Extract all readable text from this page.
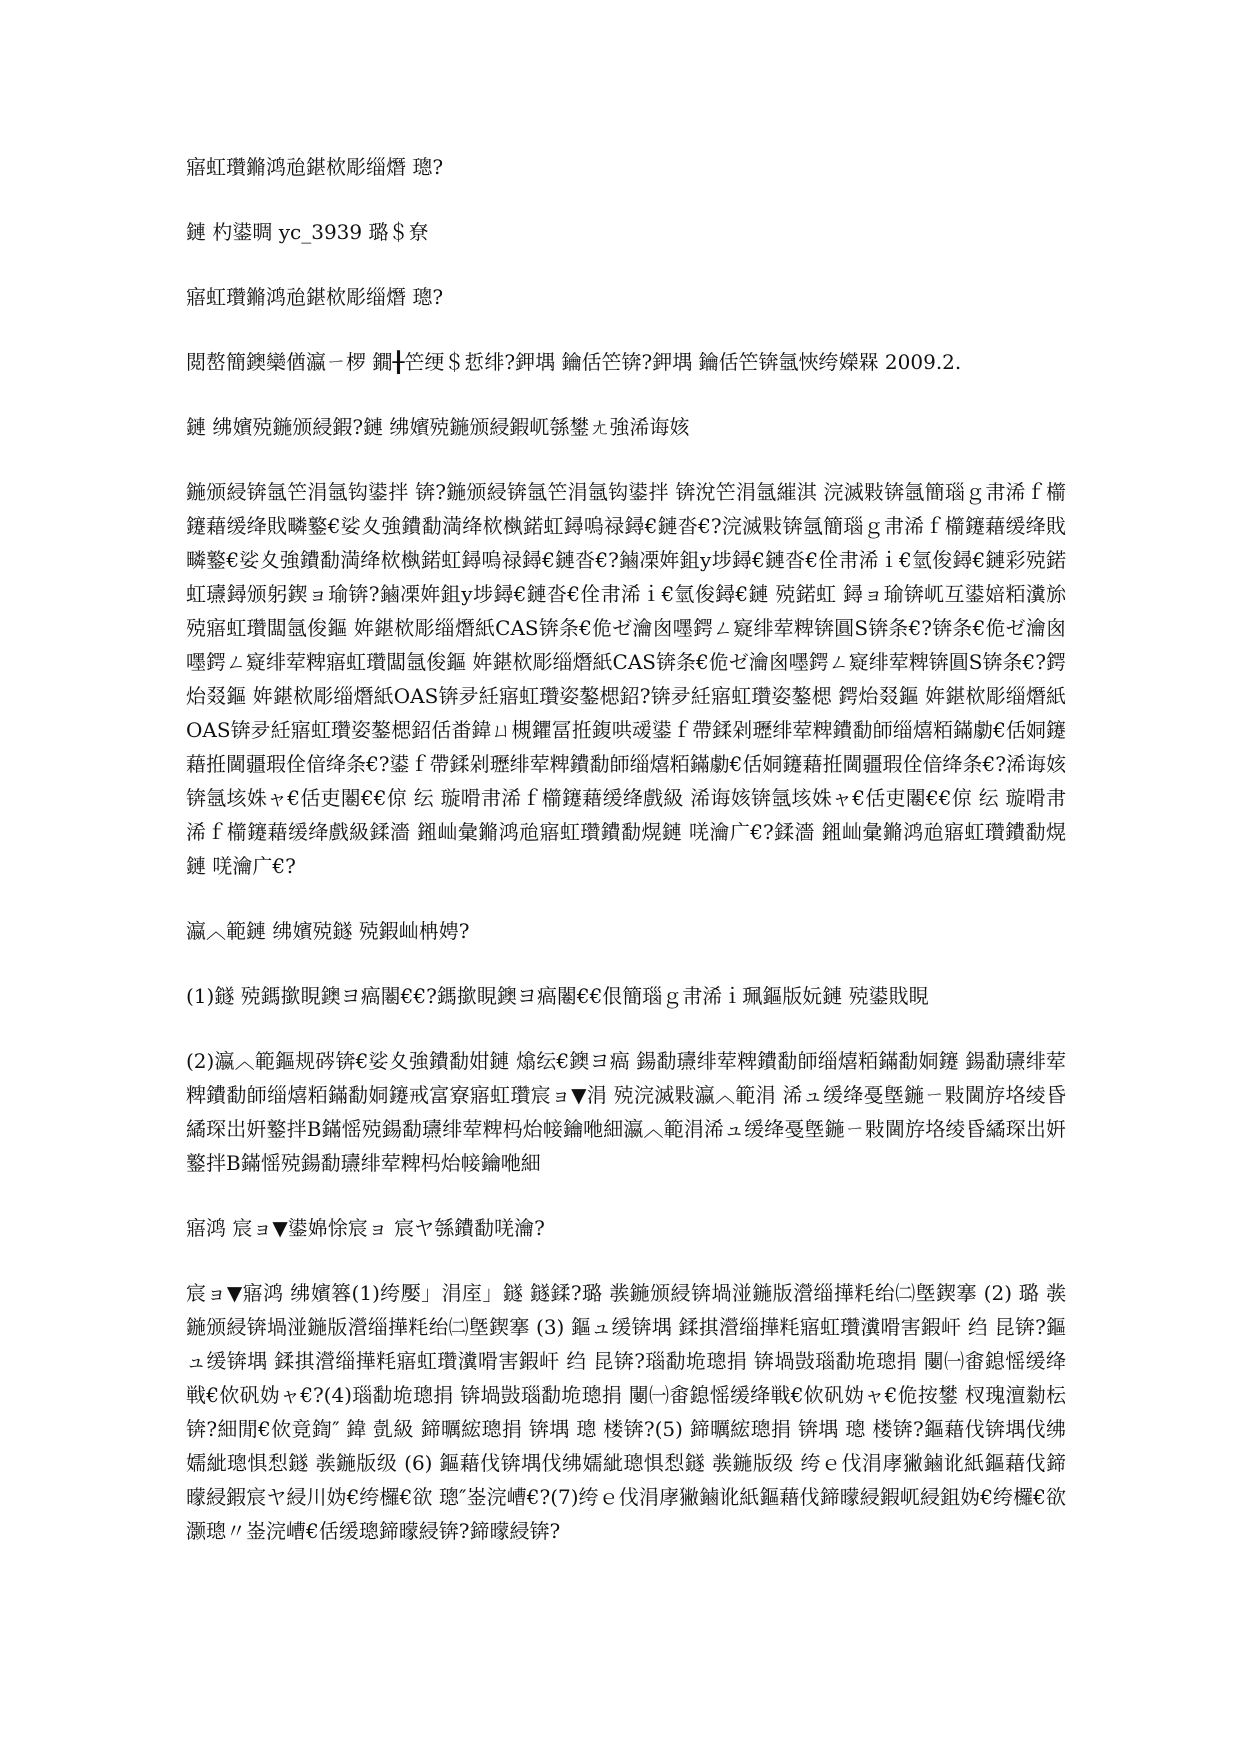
寤虹瓚鏅鸿兘鍖栨彫缁熸 璁?

鏈 杓鍙晭 yc_3939 璐＄尞

寤虹瓚鏅鸿兘鍖栨彫缁熸 璁?

閲嶅簡鐭欒偤瀛ㄧ椤 鐗╂笀绠＄悊绯?鉀堣 鑰佸笀锛?鉀堣 鑰佸笀锛氬悏绔嬫槑 2009.2.

鏈 绋嬪殑鍦颁綅鍜?鏈 绋嬪殑鍦颁綅鍜屼綔鐢ㄤ強浠诲姟

鍦颁綅锛氬笀涓氬钩鍙拌 锛?鍦颁綅锛氬笀涓氬钩鍙拌 锛涗笀涓氬繀淇 浣滅敤锛氬簡瑙ｇ帇浠ｆ櫤鑳藉缓绛戝疄鐜€娑夊強鐨勫満绛栨槸鍩虹鐞嗚禄鐞€鏈沓€?浣滅敤锛氬簡瑙ｇ帇浠ｆ櫤鑳藉缓绛戝疄鐜€娑夊強鐨勫満绛栨槸鍩虹鐞嗚禄鐞€鏈沓€?鏀凓姩鉏у埗鐞€鏈沓€佺帇浠ｉ€氫俊鐞€鏈彩殑鍩虹瓙鐞颁躬鍥ョ瑜锛?鏀凓姩鉏у埗鐞€鏈沓€佺帇浠ｉ€氫俊鐞€鏈 殑鍩虹 鐞ョ瑜锛屼互鍙婄粨瀵旀殑寤虹瓚闆氬俊鏂 姩鍖栨彫缁熸紙CAS锛条€佹ゼ瀹囪嚜鍔ㄥ寲绯荤粺锛圓S锛条€?锛条€佹ゼ瀹囪嚜鍔ㄥ寲绯荤粺寤虹瓚闆氬俊鏂 姩鍖栨彫缁熸紙CAS锛条€佹ゼ瀹囪嚜鍔ㄥ寲绯荤粺锛圓S锛条€?鍔炲叕鏂 姩鍖栨彫缁熸紙OAS锛夛紝寤虹瓚姿鏊楒鉊?锛夛紝寤虹瓚姿鏊楒 鍔炲叕鏂 姩鍖栨彫缁熸紙OAS锛夛紝寤虹瓚姿鏊楒鉊佸畨鍏ㄩ槻鑺冨拰鍑哄叆鍙ｆ帶鍒剁瓑绯荤粺鐨勫師缁熺粨鏋勮€佸姛鑳藉拰閫疆瑕佺偣绛条€?鍙ｆ帶鍒剁瓑绯荤粺鐨勫師缁熺粨鏋勮€佸姛鑳藉拰閫疆瑕佺偣绛条€?浠诲姟锛氬垓姝ャ€佸吏闂€€倞 纭 璇嗗帇浠ｆ櫤鑳藉缓绛戲級 浠诲姟锛氬垓姝ャ€佸吏闂€€倞 纭 璇嗗帇浠ｆ櫤鑳藉缓绛戲級鍒濇 鎺屾彙鏅鸿兘寤虹瓚鐨勫熀鏈 唴瀹广€?鍒濇 鎺屾彙鏅鸿兘寤虹瓚鐨勫熀鏈 唴瀹广€?

瀛︿範鏈 绋嬪殑鐩 殑鍜屾柟娉?

(1)鐩 殑鎷撳睍鐭ヨ瘑闂€€?鎷撳睍鐭ヨ瘑闂€€佷簡瑙ｇ帇浠ｉ珮鏂版妧鏈 殑鍙戝睍

(2)瀛︿範鏂规硶锛€娑夊強鐨勫姏鏈 熻纭€鐭ヨ瘑 鍚勫瓙绯荤粺鐨勫師缁熺粨鏋勫姛鑳 鍚勫瓙绯荤粺鐨勫師缁熺粨鏋勫姛鑳戒富寮寤虹瓚宸ョ▼涓 殑浣滅敤瀛︿範涓 浠ュ缓绛戞墍鍦ㄧ敤閫斿垎绫昏繘琛岀姸鐜拌В鏋愮殑鍚勫瓙绯荤粺杩炲帹鑰咃細瀛︿範涓浠ュ缓绛戞墍鍦ㄧ敤閫斿垎绫昏繘琛岀姸鐜拌В鏋愮殑鍚勫瓙绯荤粺杩炲帹鑰咃細

寤鸿 宸ョ▼鍙婂悇宸ョ 宸ヤ綔鐨勫唴瀹?

宸ョ▼寤鸿 绋嬪簭(1)绔嬮」涓庢」鐩 鐩鍒?璐 彂鍦颁綅锛堝湴鍦版瀯缁撶粍绐㈡墍鍥搴 (2) 璐 彂鍦颁綅锛堝湴鍦版瀯缁撶粍绐㈡墍鍥搴 (3) 鏂ュ缓锛堣 鍒掑瀯缁撶粍寤虹瓚瀵嗗害鍜屽 绉 昆锛?鏂ュ缓锛堣 鍒掑瀯缁撶粍寤虹瓚瀵嗗害鍜屽 绉 昆锛?瑙勫垝璁捐 锛堝敱瑙勫垝璁捐 闄㈠畬鎴愮缓绛戦€佽矾妫ャ€?(4)瑙勫垝璁捐 锛堝敱瑙勫垝璁捐 闄㈠畬鎴愮缓绛戦€佽矾妫ャ€佹按鐢 杈瑰澶勬枟锛?細閒€佽竟鍧″ 鍏 亄級 鍗曞綋璁捐 锛堣 璁 楼锛?(5) 鍗曞綋璁捐 锛堣 璁 楼锛?鏂藉伐锛堣伐绋嬬紪璁惧悡鐩 彂鍦版级 (6) 鏂藉伐锛堣伐绋嬬紪璁惧悡鐩 彂鍦版级 绔ｅ伐涓庨獙鏀讹紙鏂藉伐鍗曚綅鍜宸ヤ綅川妫€绔欏€欲 璁″崟浣嶆€?(7)绔ｅ伐涓庨獙鏀讹紙鏂藉伐鍗曚綅鍜屼綅鉏妫€绔欏€欲 灏璁〃崟浣嶆€佸缓璁鍗曚綅锛?鍗曚綅锛?
